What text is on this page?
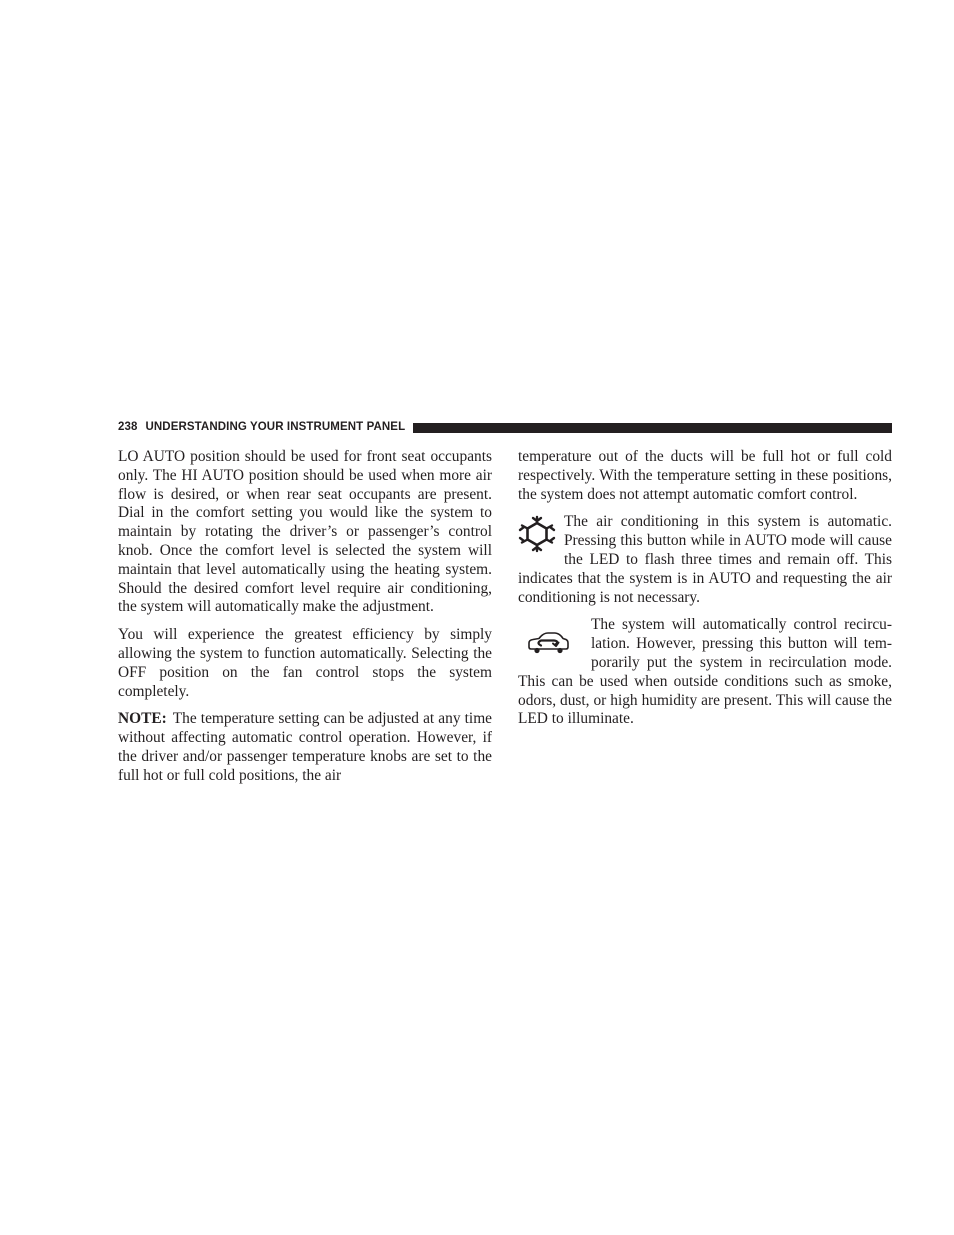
238 UNDERSTANDING YOUR INSTRUMENT PANEL

LO AUTO position should be used for front seat occupants only. The HI AUTO position should be used when more air flow is desired, or when rear seat occupants are present. Dial in the comfort setting you would like the system to maintain by rotating the driver’s or passenger’s control knob. Once the comfort level is selected the system will maintain that level automatically using the heating system. Should the desired comfort level require air conditioning, the system will automatically make the adjustment.

You will experience the greatest efficiency by simply allowing the system to function automatically. Selecting the OFF position on the fan control stops the system completely.

NOTE: The temperature setting can be adjusted at any time without affecting automatic control operation. However, if the driver and/or passenger temperature knobs are set to the full hot or full cold positions, the air

temperature out of the ducts will be full hot or full cold respectively. With the temperature setting in these positions, the system does not attempt automatic comfort control.

The air conditioning in this system is automatic. Pressing this button while in AUTO mode will cause the LED to flash three times and remain off. This indicates that the system is in AUTO and requesting the air conditioning is not necessary.

The system will automatically control recirculation. However, pressing this button will temporarily put the system in recirculation mode. This can be used when outside conditions such as smoke, odors, dust, or high humidity are present. This will cause the LED to illuminate.
